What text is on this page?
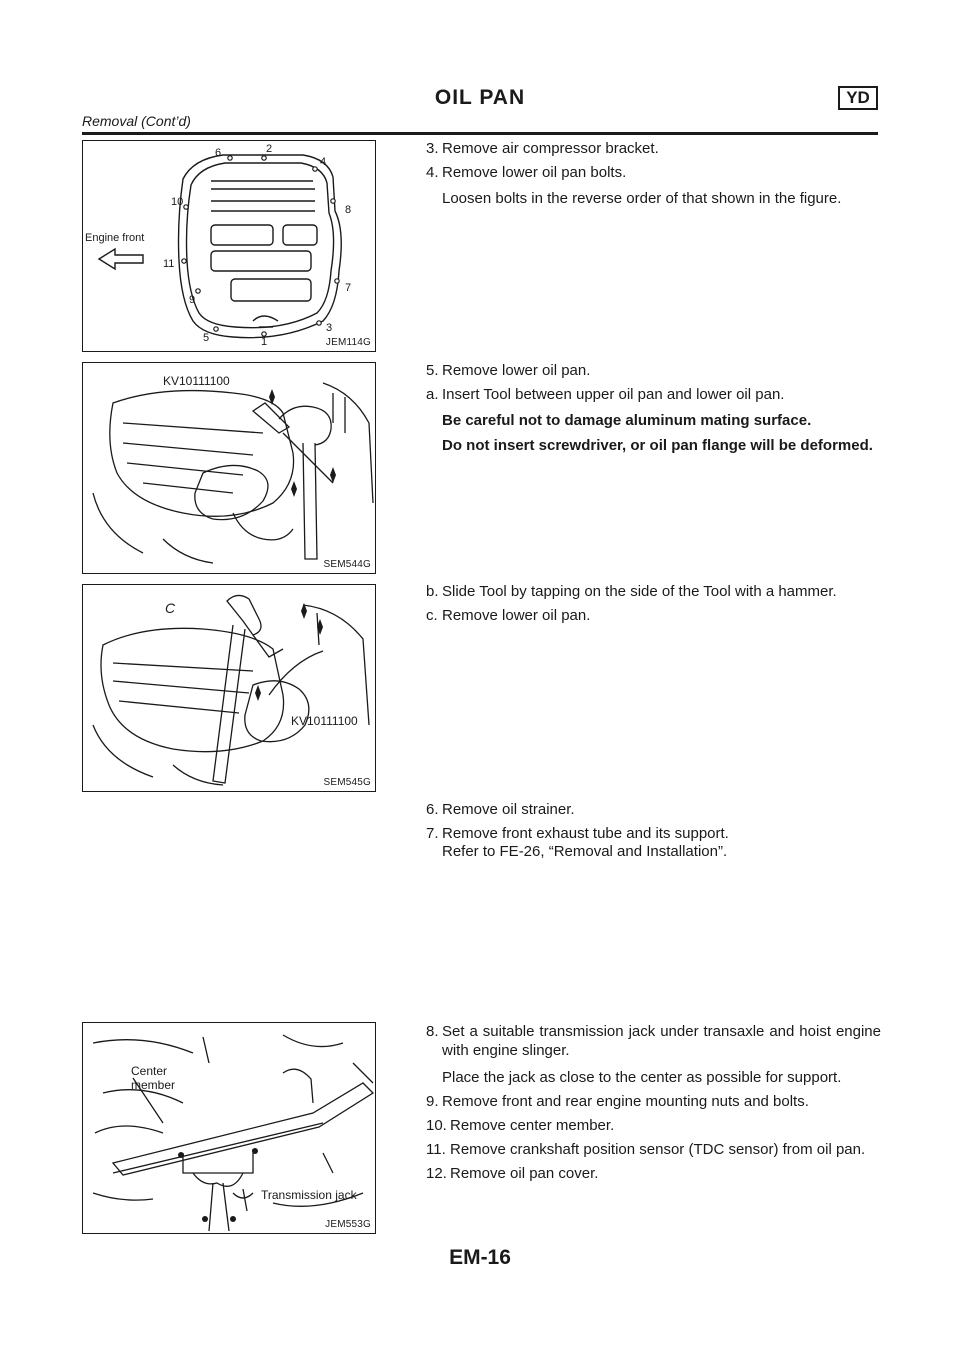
OIL PAN	YD
Removal (Cont’d)
Engine front
1
2
3
4
5
6
7
8
9
10
11
JEM114G
KV10111100
SEM544G
C
KV10111100
SEM545G
Center
member
Transmission jack
JEM553G
3. Remove air compressor bracket.
4. Remove lower oil pan bolts.
Loosen bolts in the reverse order of that shown in the figure.
5. Remove lower oil pan.
a. Insert Tool between upper oil pan and lower oil pan.
Be careful not to damage aluminum mating surface.
Do not insert screwdriver, or oil pan flange will be deformed.
b. Slide Tool by tapping on the side of the Tool with a hammer.
c. Remove lower oil pan.
6. Remove oil strainer.
7. Remove front exhaust tube and its support.
Refer to FE-26, “Removal and Installation”.
8. Set a suitable transmission jack under transaxle and hoist engine with engine slinger.
Place the jack as close to the center as possible for support.
9. Remove front and rear engine mounting nuts and bolts.
10. Remove center member.
11. Remove crankshaft position sensor (TDC sensor) from oil pan.
12. Remove oil pan cover.
EM-16
